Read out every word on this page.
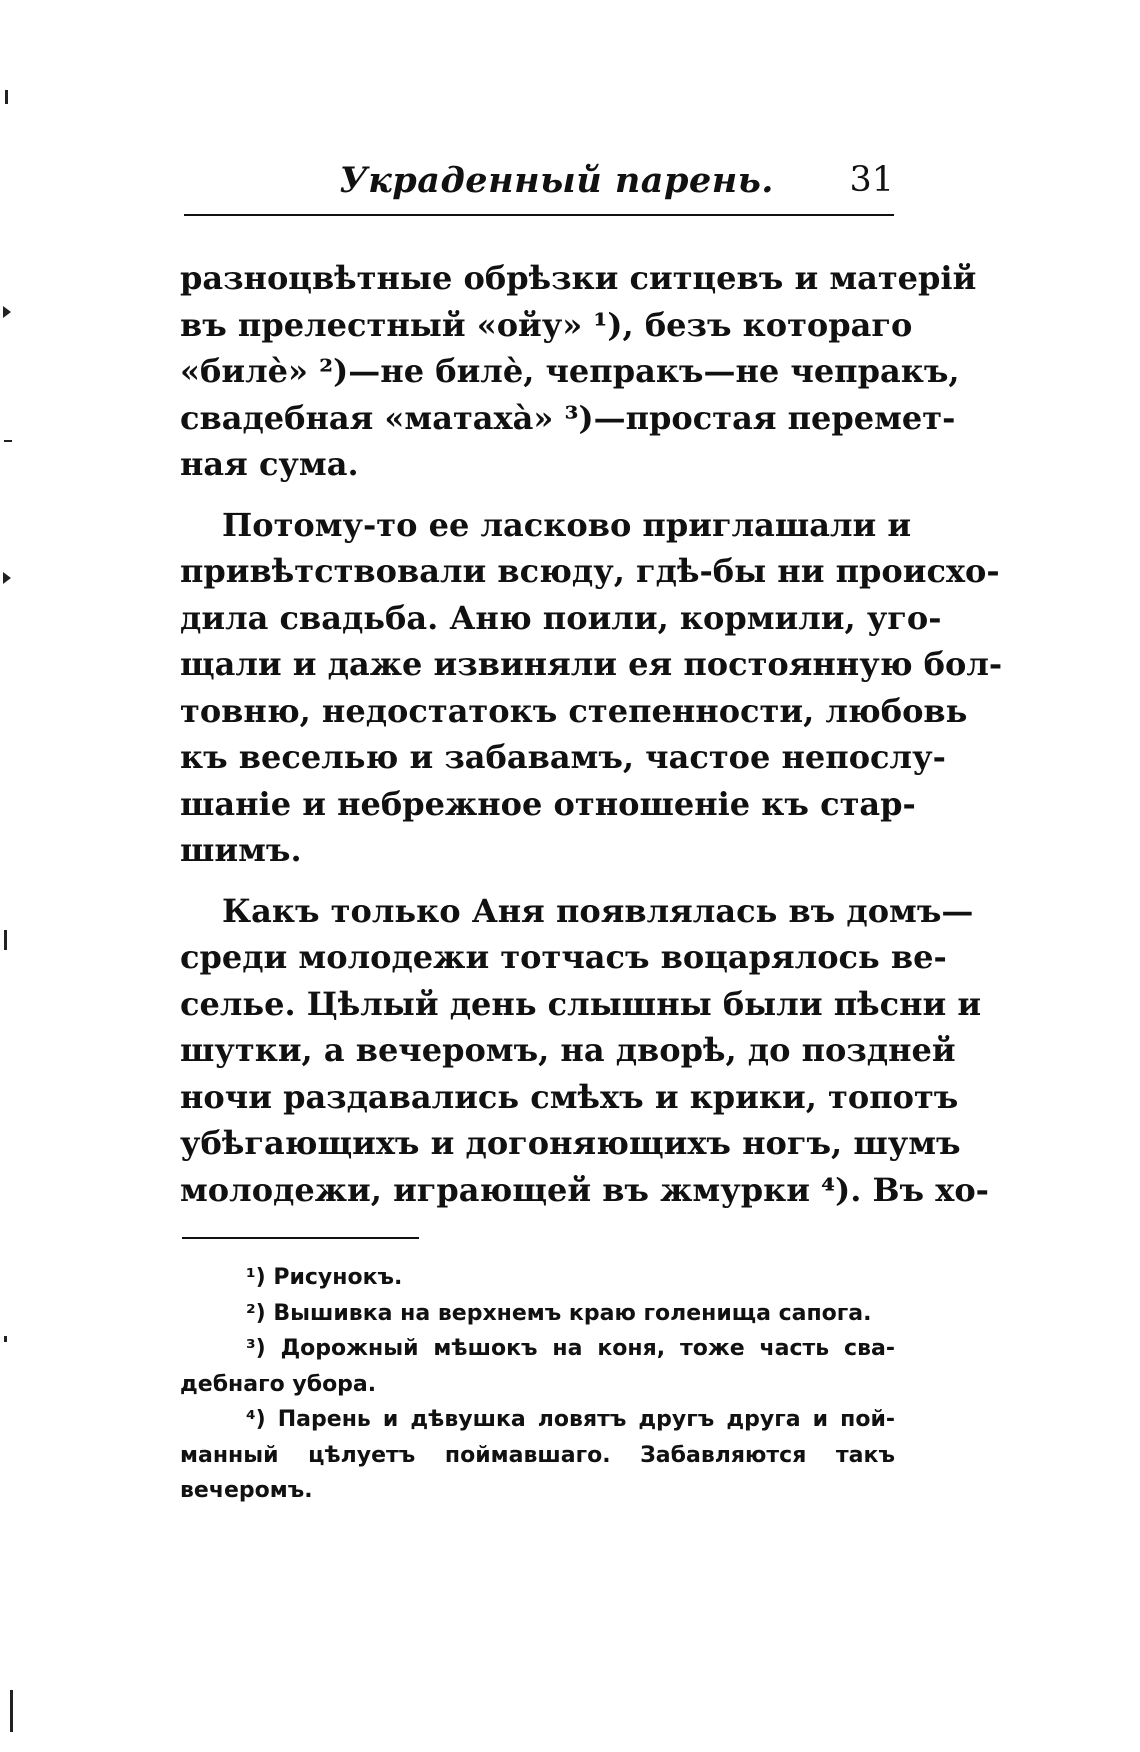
Украденный парень.	31
разноцвѣтные обрѣзки ситцевъ и матерій
въ прелестный «ойу» ¹), безъ котораго
«билѐ» ²)—не билѐ, чепракъ—не чепракъ,
свадебная «матахà» ³)—простая перемет-
ная сума.
Потому-то ее ласково приглашали и
привѣтствовали всюду, гдѣ-бы ни происхо-
дила свадьба. Аню поили, кормили, уго-
щали и даже извиняли ея постоянную бол-
товню, недостатокъ степенности, любовь
къ веселью и забавамъ, частое непослу-
шаніе и небрежное отношеніе къ стар-
шимъ.
Какъ только Аня появлялась въ домъ—
среди молодежи тотчасъ воцарялось ве-
селье. Цѣлый день слышны были пѣсни и
шутки, а вечеромъ, на дворѣ, до поздней
ночи раздавались смѣхъ и крики, топотъ
убѣгающихъ и догоняющихъ ногъ, шумъ
молодежи, играющей въ жмурки ⁴). Въ хо-
¹) Рисунокъ.
²) Вышивка на верхнемъ краю голенища сапога.
³) Дорожный мѣшокъ на коня, тоже часть сва-
дебнаго убора.
⁴) Парень и дѣвушка ловятъ другъ друга и пой-
манный цѣлуетъ поймавшаго. Забавляются такъ
вечеромъ.
